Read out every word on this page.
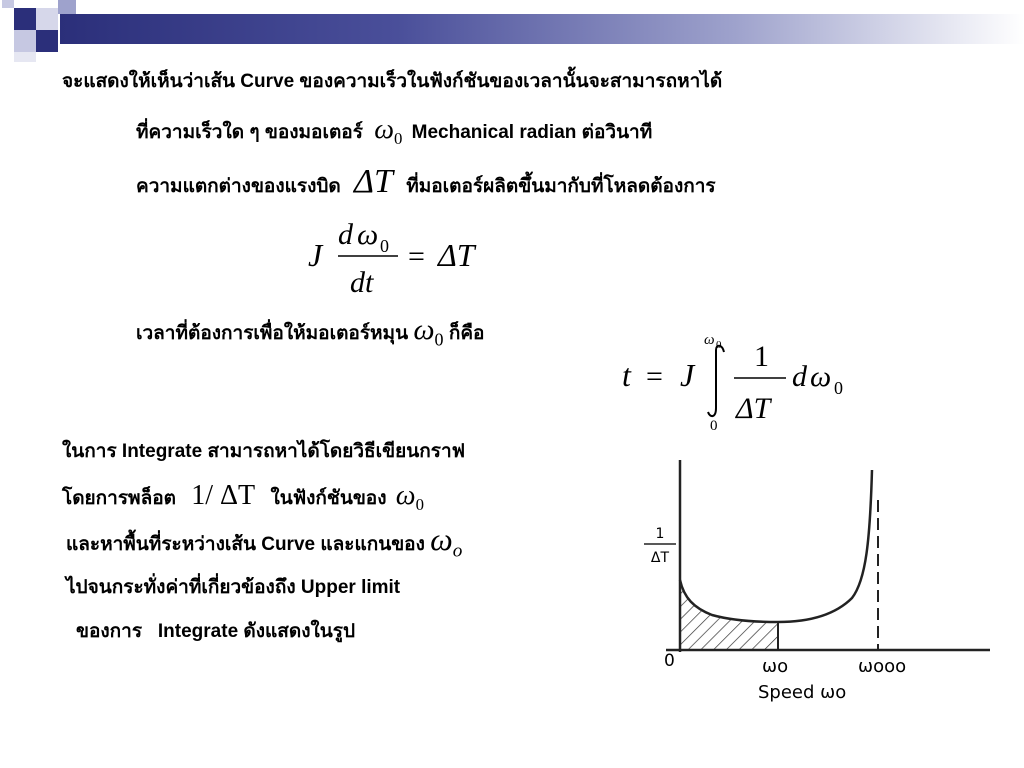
จะแสดงให้เห็นว่าเส้น Curve ของความเร็วในฟังก์ชันของเวลานั้นจะสามารถหาได้
ที่ความเร็วใด ๆ ของมอเตอร์ $\omega_0$ Mechanical radian ต่อวินาที
ความแตกต่างของแรงบิด ΔT ที่มอเตอร์ผลิตขึ้นมากับที่โหลดต้องการ
J
d ω 0
dt
= ΔT
เวลาที่ต้องการเพื่อให้มอเตอร์หมุน $\omega_0$ ก็คือ
t = J
ω 0
0
1
ΔT
d ω 0
ในการ Integrate สามารถหาได้โดยวิธีเขียนกราฟ
โดยการพล็อต 1/ ΔT ในฟังก์ชันของ $\omega_0$
และหาพื้นที่ระหว่างเส้น Curve และแกนของ $\omega_o$
ไปจนกระทั่งค่าที่เกี่ยวข้องถึง Upper limit
ของการ   Integrate ดังแสดงในรูป
1
ΔT
0	ωo	ωooo
Speed ωo
